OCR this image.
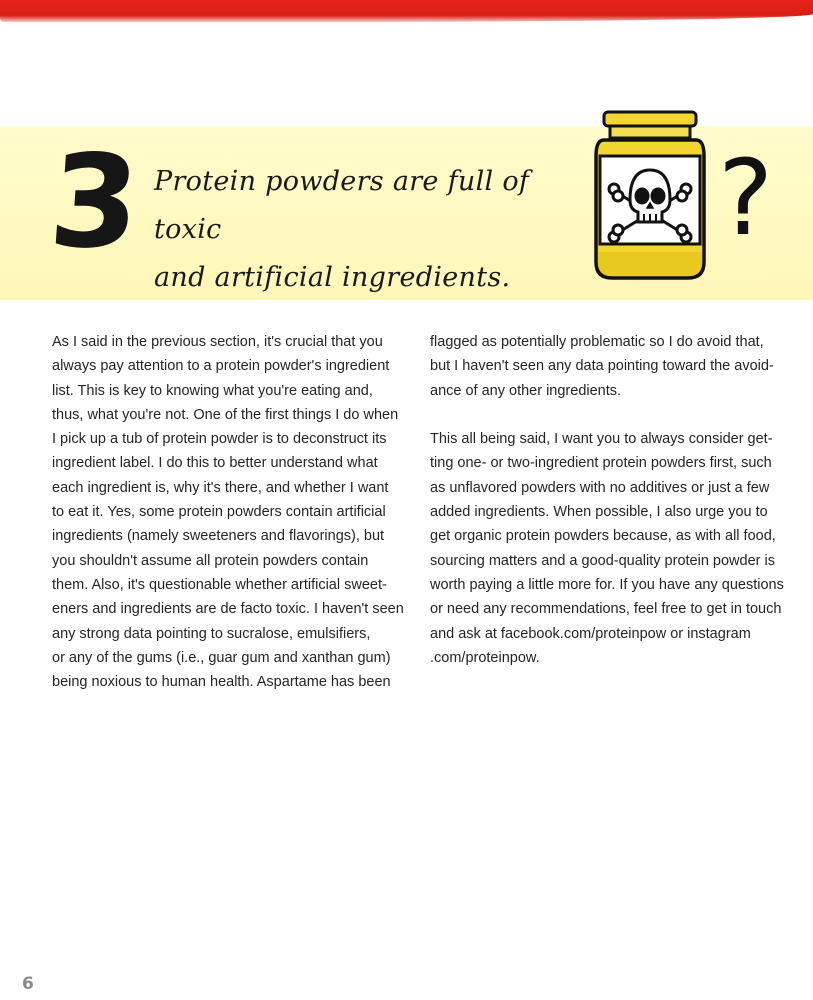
3 Protein powders are full of toxic
and artificial ingredients.
?

As I said in the previous section, it's crucial that you
always pay attention to a protein powder's ingredient
list. This is key to knowing what you're eating and,
thus, what you're not. One of the first things I do when
I pick up a tub of protein powder is to deconstruct its
ingredient label. I do this to better understand what
each ingredient is, why it's there, and whether I want
to eat it. Yes, some protein powders contain artificial
ingredients (namely sweeteners and flavorings), but
you shouldn't assume all protein powders contain
them. Also, it's questionable whether artificial sweet-
eners and ingredients are de facto toxic. I haven't seen
any strong data pointing to sucralose, emulsifiers,
or any of the gums (i.e., guar gum and xanthan gum)
being noxious to human health. Aspartame has been

flagged as potentially problematic so I do avoid that,
but I haven't seen any data pointing toward the avoid-
ance of any other ingredients.

This all being said, I want you to always consider get-
ting one- or two-ingredient protein powders first, such
as unflavored powders with no additives or just a few
added ingredients. When possible, I also urge you to
get organic protein powders because, as with all food,
sourcing matters and a good-quality protein powder is
worth paying a little more for. If you have any questions
or need any recommendations, feel free to get in touch
and ask at facebook.com/proteinpow or instagram
.com/proteinpow.

6
